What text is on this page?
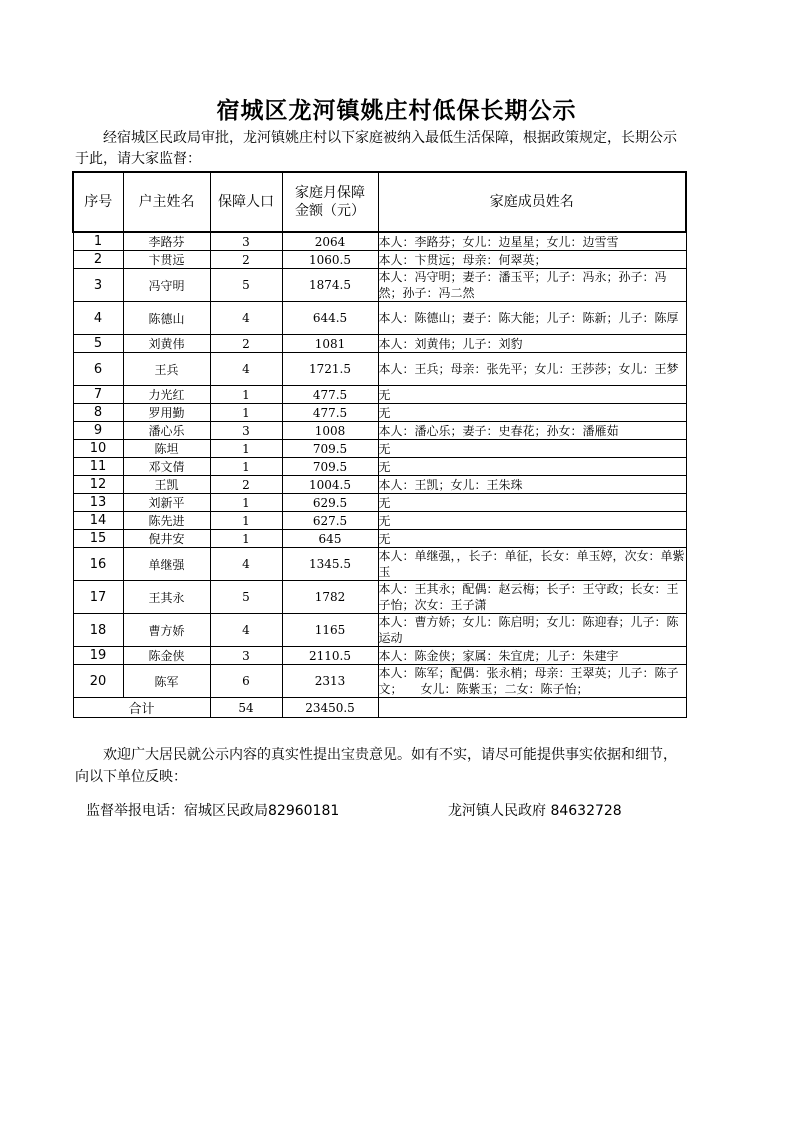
宿城区龙河镇姚庄村低保长期公示
经宿城区民政局审批，龙河镇姚庄村以下家庭被纳入最低生活保障，根据政策规定，长期公示于此，请大家监督：
序号	户主姓名	保障人口	家庭月保障
金额（元）	家庭成员姓名
1	李路芬	3	2064	本人：李路芬；女儿：边星星；女儿：边雪雪
2	卞贯远	2	1060.5	本人：卞贯远；母亲：何翠英；
3	冯守明	5	1874.5	本人：冯守明；妻子：潘玉平；儿子：冯永；孙子：冯然；孙子：冯二然
4	陈德山	4	644.5	本人：陈德山；妻子：陈大能；儿子：陈新；儿子：陈厚
5	刘黄伟	2	1081	本人：刘黄伟；儿子：刘豹
6	王兵	4	1721.5	本人：王兵；母亲：张先平；女儿：王莎莎；女儿：王梦
7	力光红	1	477.5	无
8	罗用勤	1	477.5	无
9	潘心乐	3	1008	本人：潘心乐；妻子：史春花；孙女：潘雁茹
10	陈坦	1	709.5	无
11	邓文倩	1	709.5	无
12	王凯	2	1004.5	本人：王凯；女儿：王朱珠
13	刘新平	1	629.5	无
14	陈先进	1	627.5	无
15	倪井安	1	645	无
16	单继强	4	1345.5	本人：单继强，，长子：单征，长女：单玉婷，次女：单紫玉
17	王其永	5	1782	本人：王其永；配偶：赵云梅；长子：王守政；长女：王子怡；次女：王子潇
18	曹方娇	4	1165	本人：曹方娇；女儿：陈启明；女儿：陈迎春；儿子：陈运动
19	陈金侠	3	2110.5	本人：陈金侠；家属：朱宜虎；儿子：朱建宇
20	陈军	6	2313	本人：陈军；配偶：张永梢；母亲：王翠英；儿子：陈子文；　　女儿：陈紫玉；二女：陈子怡；
合计		54	23450.5	
欢迎广大居民就公示内容的真实性提出宝贵意见。如有不实，请尽可能提供事实依据和细节，向以下单位反映：
监督举报电话：宿城区民政局82960181	龙河镇人民政府 84632728
